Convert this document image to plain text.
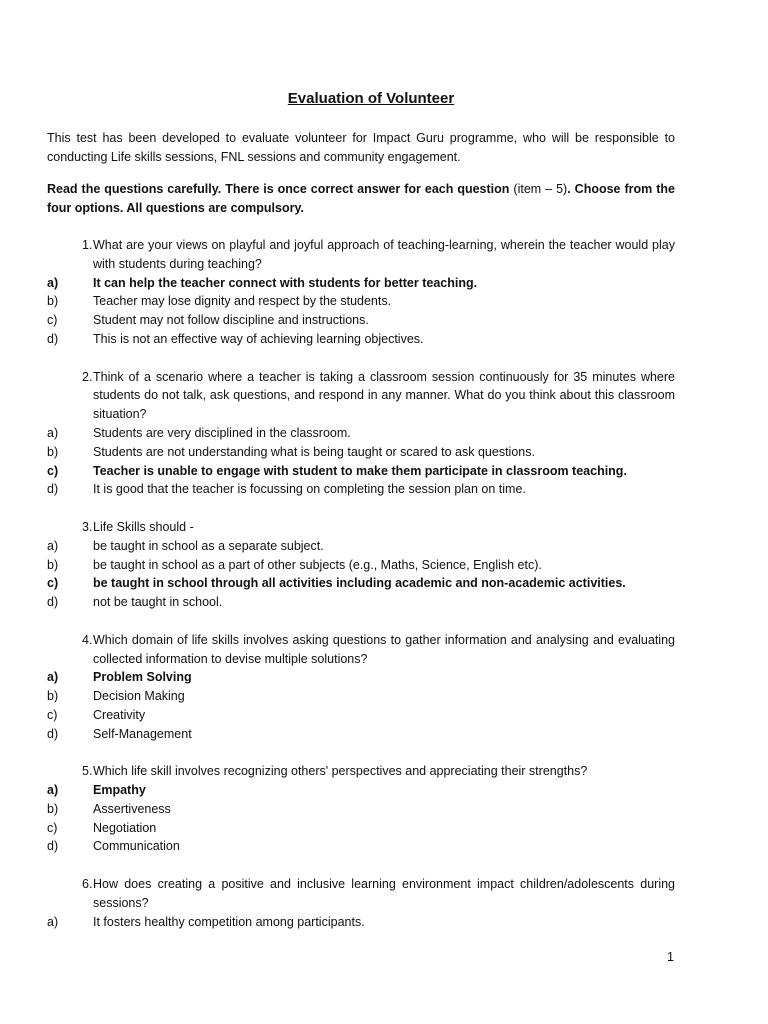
Evaluation of Volunteer
This test has been developed to evaluate volunteer for Impact Guru programme, who will be responsible to conducting Life skills sessions, FNL sessions and community engagement.
Read the questions carefully. There is once correct answer for each question (item – 5). Choose from the four options. All questions are compulsory.
1. What are your views on playful and joyful approach of teaching-learning, wherein the teacher would play with students during teaching?
a)	It can help the teacher connect with students for better teaching.
b)	Teacher may lose dignity and respect by the students.
c)	Student may not follow discipline and instructions.
d)	This is not an effective way of achieving learning objectives.
2. Think of a scenario where a teacher is taking a classroom session continuously for 35 minutes where students do not talk, ask questions, and respond in any manner. What do you think about this classroom situation?
a)	Students are very disciplined in the classroom.
b)	Students are not understanding what is being taught or scared to ask questions.
c)	Teacher is unable to engage with student to make them participate in classroom teaching.
d)	It is good that the teacher is focussing on completing the session plan on time.
3. Life Skills should -
a)	be taught in school as a separate subject.
b)	be taught in school as a part of other subjects (e.g., Maths, Science, English etc).
c)	be taught in school through all activities including academic and non-academic activities.
d)	not be taught in school.
4. Which domain of life skills involves asking questions to gather information and analysing and evaluating collected information to devise multiple solutions?
a)	Problem Solving
b)	Decision Making
c)	Creativity
d)	Self-Management
5. Which life skill involves recognizing others' perspectives and appreciating their strengths?
a)	Empathy
b)	Assertiveness
c)	Negotiation
d)	Communication
6. How does creating a positive and inclusive learning environment impact children/adolescents during sessions?
a)	It fosters healthy competition among participants.
1
